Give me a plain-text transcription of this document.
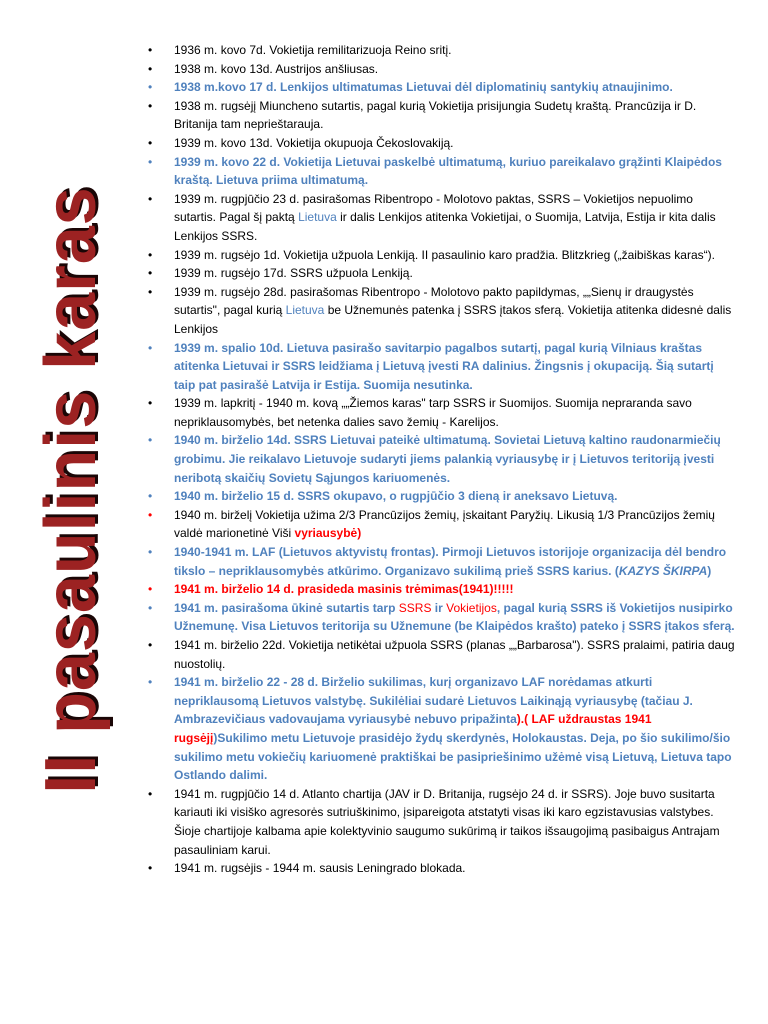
II pasaulinis karas
• 1936 m. kovo 7d. Vokietija remilitarizuoja Reino sritį.
• 1938 m. kovo 13d. Austrijos anšliusas.
• 1938 m.kovo 17 d. Lenkijos ultimatumas Lietuvai dėl diplomatinių santykių atnaujinimo.
• 1938 m. rugsėjį Miuncheno sutartis, pagal kurią Vokietija prisijungia Sudetų kraštą. Prancūzija ir D. Britanija tam neprieštarauja.
• 1939 m. kovo 13d. Vokietija okupuoja Čekoslovakiją.
• 1939 m. kovo 22 d. Vokietija Lietuvai paskelbė ultimatumą, kuriuo pareikalavo grąžinti Klaipėdos kraštą. Lietuva priima ultimatumą.
• 1939 m. rugpjūčio 23 d. pasirašomas Ribentropo - Molotovo paktas, SSRS – Vokietijos nepuolimo sutartis. Pagal šį paktą Lietuva ir dalis Lenkijos atitenka Vokietijai, o Suomija, Latvija, Estija ir kita dalis Lenkijos SSRS.
• 1939 m. rugsėjo 1d. Vokietija užpuola Lenkiją. II pasaulinio karo pradžia. Blitzkrieg („žaibiškas karas“).
• 1939 m. rugsėjo 17d. SSRS užpuola Lenkiją.
• 1939 m. rugsėjo 28d. pasirašomas Ribentropo - Molotovo pakto papildymas, „„Sienų ir draugystės sutartis", pagal kurią Lietuva be Užnemunės patenka į SSRS įtakos sferą. Vokietija atitenka didesnė dalis Lenkijos
• 1939 m. spalio 10d. Lietuva pasirašo savitarpio pagalbos sutartį, pagal kurią Vilniaus kraštas atitenka Lietuvai ir SSRS leidžiama į Lietuvą įvesti RA dalinius. Žingsnis į okupaciją. Šią sutartį taip pat pasirašė Latvija ir Estija. Suomija nesutinka.
• 1939 m. lapkritį - 1940 m. kovą „„Žiemos karas" tarp SSRS ir Suomijos. Suomija nepraranda savo nepriklausomybės, bet netenka dalies savo žemių - Karelijos.
• 1940 m. birželio 14d. SSRS Lietuvai pateikė ultimatumą. Sovietai Lietuvą kaltino raudonarmiečių grobimu. Jie reikalavo Lietuvoje sudaryti jiems palankią vyriausybę ir į Lietuvos teritoriją įvesti neribotą skaičių Sovietų Sąjungos kariuomenės.
• 1940 m. birželio 15 d. SSRS okupavo, o rugpjūčio 3 dieną ir aneksavo Lietuvą.
• 1940 m. birželį Vokietija užima 2/3 Prancūzijos žemių, įskaitant Paryžių. Likusią 1/3 Prancūzijos žemių valdė marionetinė Viši vyriausybė)
• 1940-1941 m. LAF (Lietuvos aktyvistų frontas). Pirmoji Lietuvos istorijoje organizacija dėl bendro tikslo – nepriklausomybės atkūrimo. Organizavo sukilimą prieš SSRS karius. (KAZYS ŠKIRPA)
• 1941 m. birželio 14 d. prasideda masinis trėmimas(1941)!!!!!
• 1941 m. pasirašoma ūkinė sutartis tarp SSRS ir Vokietijos, pagal kurią SSRS iš Vokietijos nusipirko Užnemunę. Visa Lietuvos teritorija su Užnemune (be Klaipėdos krašto) pateko į SSRS įtakos sferą.
• 1941 m. birželio 22d. Vokietija netikėtai užpuola SSRS (planas „„Barbarosa"). SSRS pralaimi, patiria daug nuostolių.
• 1941 m. birželio 22 - 28 d. Birželio sukilimas, kurį organizavo LAF norėdamas atkurti nepriklausomą Lietuvos valstybę. Sukilėliai sudarė Lietuvos Laikinąją vyriausybę (tačiau J. Ambrazevičiaus vadovaujama vyriausybė nebuvo pripažinta).( LAF uždraustas 1941 rugsėjį)Sukilimo metu Lietuvoje prasidėjo žydų skerdynės, Holokaustas. Deja, po šio sukilimo/šio sukilimo metu vokiečių kariuomenė praktiškai be pasipriešinimo užėmė visą Lietuvą, Lietuva tapo Ostlando dalimi.
• 1941 m. rugpjūčio 14 d. Atlanto chartija (JAV ir D. Britanija, rugsėjo 24 d. ir SSRS). Joje buvo susitarta kariauti iki visiško agresorės sutriuškinimo, įsipareigota atstatyti visas iki karo egzistavusias valstybes. Šioje chartijoje kalbama apie kolektyvinio saugumo sukūrimą ir taikos išsaugojimą pasibaigus Antrajam pasauliniam karui.
• 1941 m. rugsėjis - 1944 m. sausis Leningrado blokada.
